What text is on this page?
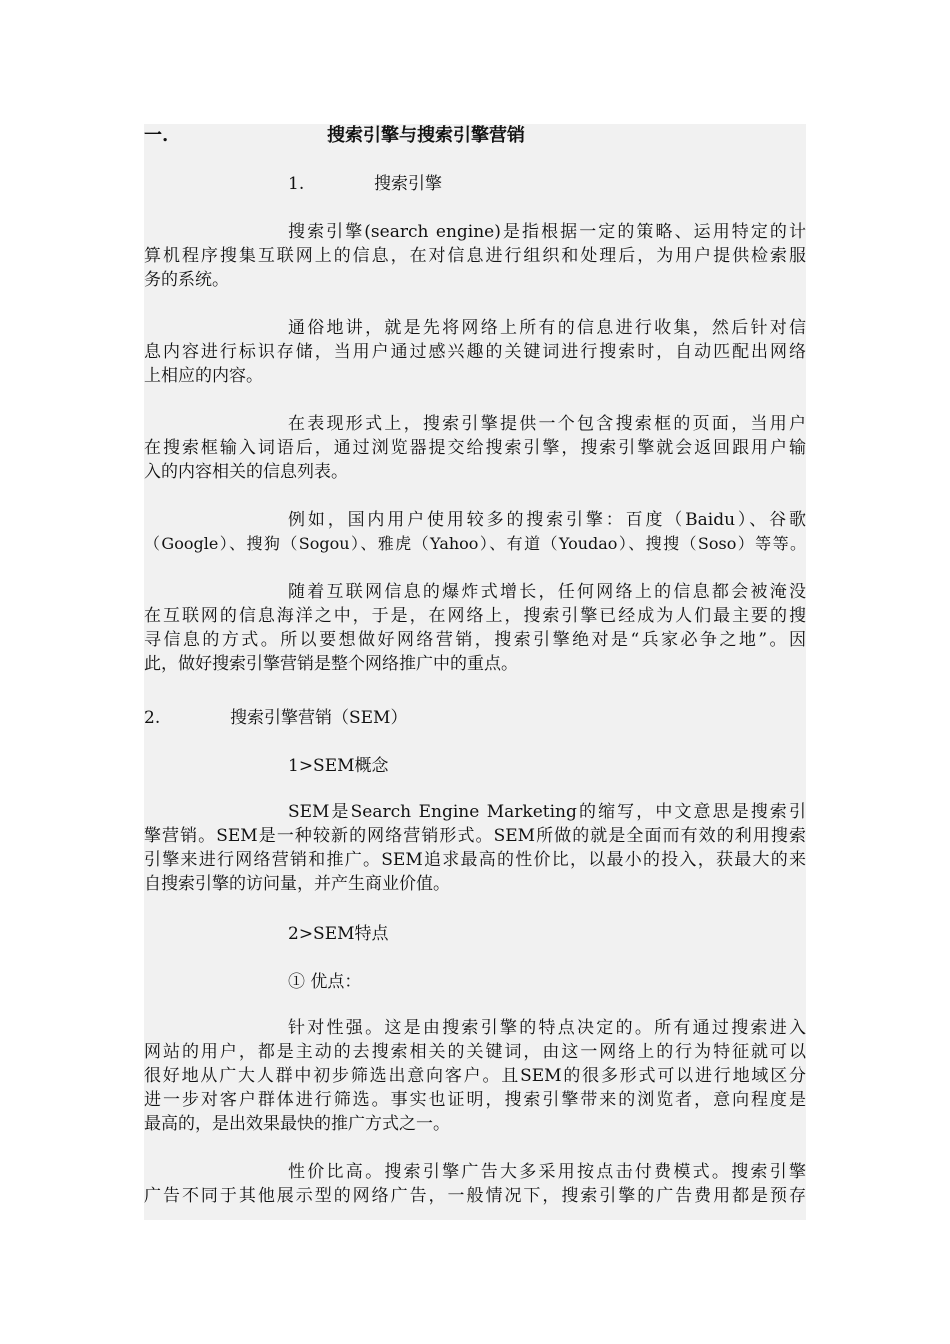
一.	搜索引擎与搜索引擎营销
1.	搜索引擎
搜索引擎(search engine)是指根据一定的策略、运用特定的计
算机程序搜集互联网上的信息，在对信息进行组织和处理后，为用户提供检索服
务的系统。
通俗地讲，就是先将网络上所有的信息进行收集，然后针对信
息内容进行标识存储，当用户通过感兴趣的关键词进行搜索时，自动匹配出网络
上相应的内容。
在表现形式上，搜索引擎提供一个包含搜索框的页面，当用户
在搜索框输入词语后，通过浏览器提交给搜索引擎，搜索引擎就会返回跟用户输
入的内容相关的信息列表。
例如，国内用户使用较多的搜索引擎：百度（Baidu）、谷歌
（Google）、搜狗（Sogou）、雅虎（Yahoo）、有道（Youdao）、搜搜（Soso）等等。
随着互联网信息的爆炸式增长，任何网络上的信息都会被淹没
在互联网的信息海洋之中，于是，在网络上，搜索引擎已经成为人们最主要的搜
寻信息的方式。所以要想做好网络营销，搜索引擎绝对是“兵家必争之地”。因
此，做好搜索引擎营销是整个网络推广中的重点。
2.	搜索引擎营销（SEM）
1>SEM概念
SEM是Search Engine Marketing的缩写，中文意思是搜索引
擎营销。SEM是一种较新的网络营销形式。SEM所做的就是全面而有效的利用搜索
引擎来进行网络营销和推广。SEM追求最高的性价比，以最小的投入，获最大的来
自搜索引擎的访问量，并产生商业价值。
2>SEM特点
① 优点：
针对性强。这是由搜索引擎的特点决定的。所有通过搜索进入
网站的用户，都是主动的去搜索相关的关键词，由这一网络上的行为特征就可以
很好地从广大人群中初步筛选出意向客户。且SEM的很多形式可以进行地域区分
进一步对客户群体进行筛选。事实也证明，搜索引擎带来的浏览者，意向程度是
最高的，是出效果最快的推广方式之一。
性价比高。搜索引擎广告大多采用按点击付费模式。搜索引擎
广告不同于其他展示型的网络广告，一般情况下，搜索引擎的广告费用都是预存
